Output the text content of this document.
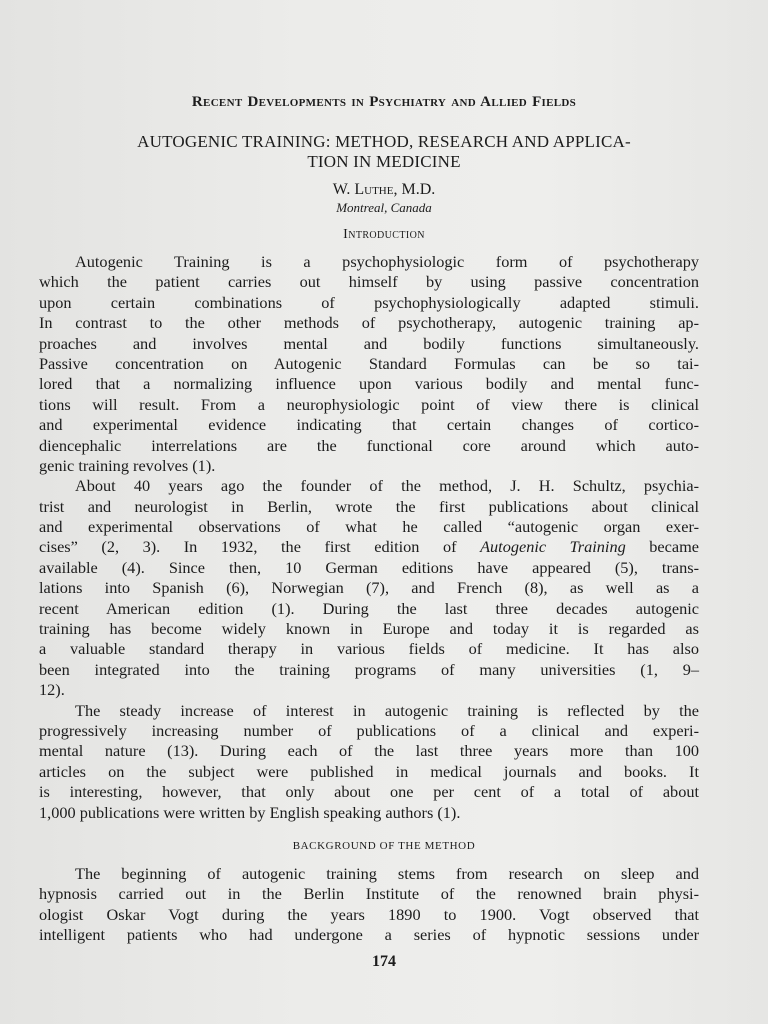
Recent Developments in Psychiatry and Allied Fields
AUTOGENIC TRAINING: METHOD, RESEARCH AND APPLICA-
TION IN MEDICINE
W. Luthe, M.D.
Montreal, Canada
Introduction
Autogenic Training is a psychophysiologic form of psychotherapy
which the patient carries out himself by using passive concentration
upon certain combinations of psychophysiologically adapted stimuli.
In contrast to the other methods of psychotherapy, autogenic training ap-
proaches and involves mental and bodily functions simultaneously.
Passive concentration on Autogenic Standard Formulas can be so tai-
lored that a normalizing influence upon various bodily and mental func-
tions will result. From a neurophysiologic point of view there is clinical
and experimental evidence indicating that certain changes of cortico-
diencephalic interrelations are the functional core around which auto-
genic training revolves (1).
About 40 years ago the founder of the method, J. H. Schultz, psychia-
trist and neurologist in Berlin, wrote the first publications about clinical
and experimental observations of what he called “autogenic organ exer-
cises” (2, 3). In 1932, the first edition of Autogenic Training became
available (4). Since then, 10 German editions have appeared (5), trans-
lations into Spanish (6), Norwegian (7), and French (8), as well as a
recent American edition (1). During the last three decades autogenic
training has become widely known in Europe and today it is regarded as
a valuable standard therapy in various fields of medicine. It has also
been integrated into the training programs of many universities (1, 9–
12).
The steady increase of interest in autogenic training is reflected by the
progressively increasing number of publications of a clinical and experi-
mental nature (13). During each of the last three years more than 100
articles on the subject were published in medical journals and books. It
is interesting, however, that only about one per cent of a total of about
1,000 publications were written by English speaking authors (1).
BACKGROUND OF THE METHOD
The beginning of autogenic training stems from research on sleep and
hypnosis carried out in the Berlin Institute of the renowned brain physi-
ologist Oskar Vogt during the years 1890 to 1900. Vogt observed that
intelligent patients who had undergone a series of hypnotic sessions under
174
